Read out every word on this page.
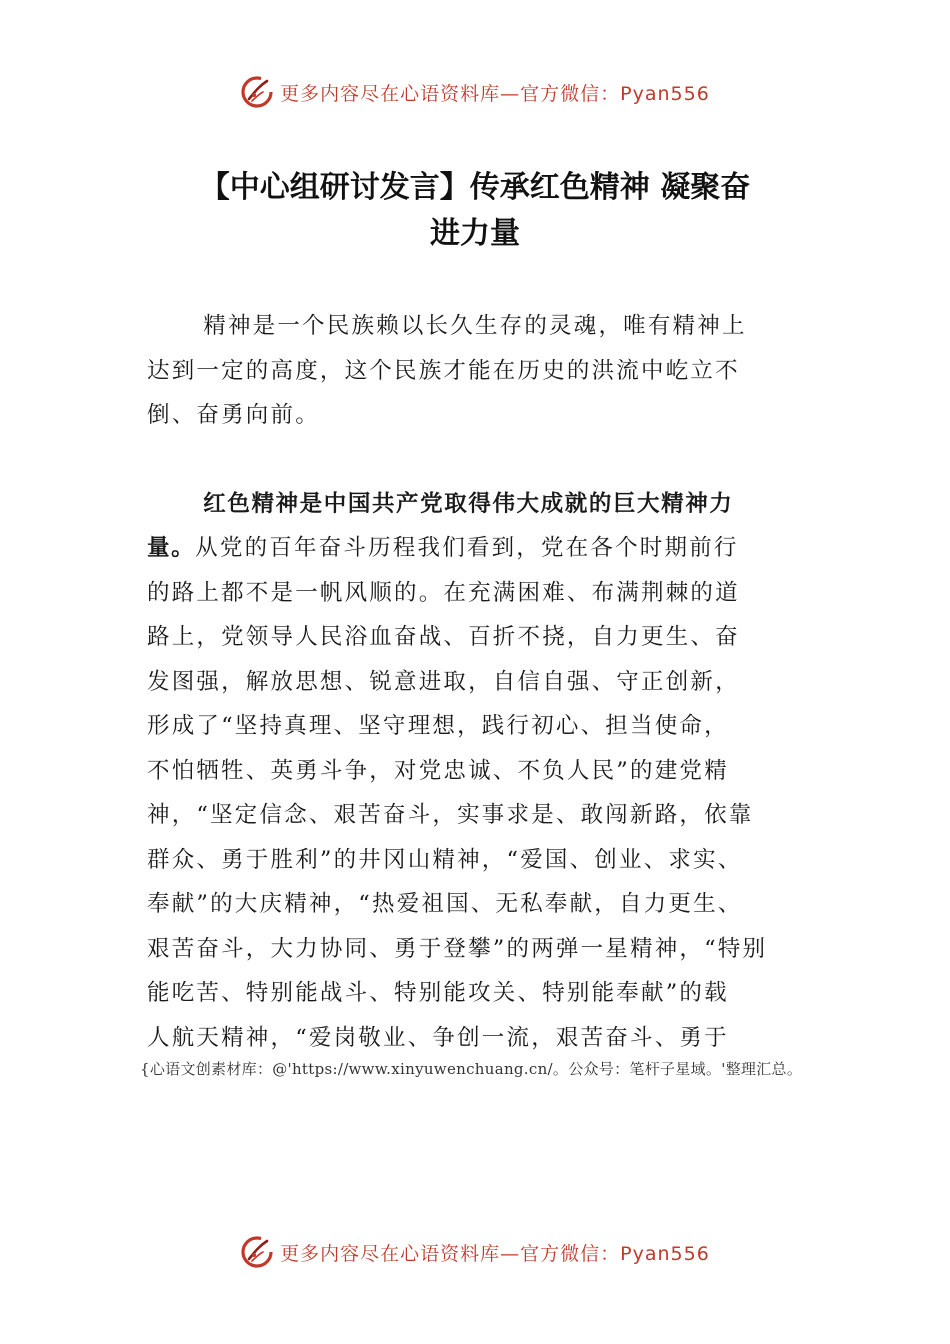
更多内容尽在心语资料库—官方微信：Pyan556
【中心组研讨发言】传承红色精神 凝聚奋
进力量

精神是一个民族赖以长久生存的灵魂，唯有精神上
达到一定的高度，这个民族才能在历史的洪流中屹立不
倒、奋勇向前。

红色精神是中国共产党取得伟大成就的巨大精神力
量。从党的百年奋斗历程我们看到，党在各个时期前行
的路上都不是一帆风顺的。在充满困难、布满荆棘的道
路上，党领导人民浴血奋战、百折不挠，自力更生、奋
发图强，解放思想、锐意进取，自信自强、守正创新，
形成了“坚持真理、坚守理想，践行初心、担当使命，
不怕牺牲、英勇斗争，对党忠诚、不负人民”的建党精
神，“坚定信念、艰苦奋斗，实事求是、敢闯新路，依靠
群众、勇于胜利”的井冈山精神，“爱国、创业、求实、
奉献”的大庆精神，“热爱祖国、无私奉献，自力更生、
艰苦奋斗，大力协同、勇于登攀”的两弹一星精神，“特别
能吃苦、特别能战斗、特别能攻关、特别能奉献”的载
人航天精神，“爱岗敬业、争创一流，艰苦奋斗、勇于

{心语文创素材库：@'https://www.xinyuwenchuang.cn/。公众号：笔杆子星域。'整理汇总。
更多内容尽在心语资料库—官方微信：Pyan556
